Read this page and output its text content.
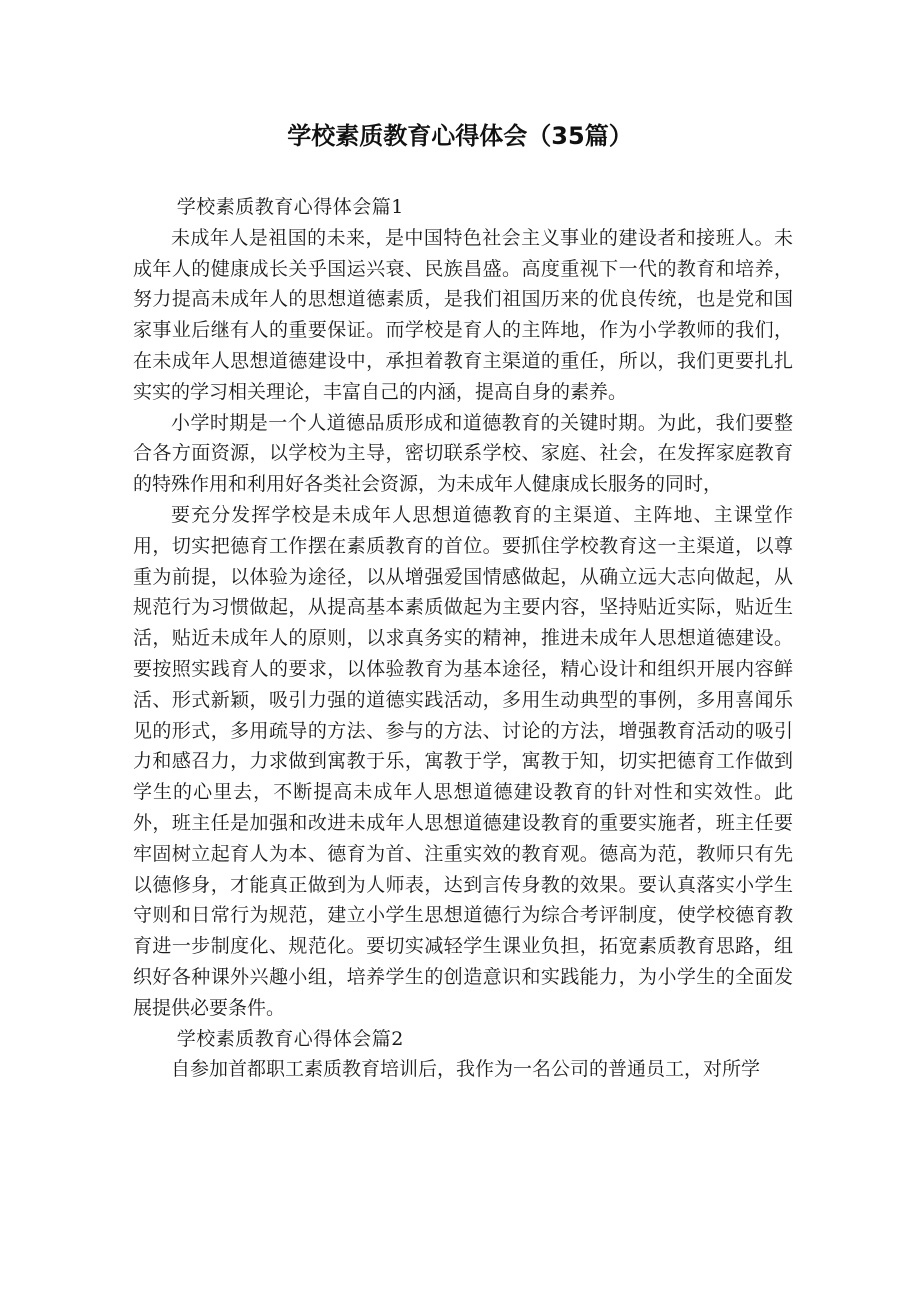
学校素质教育心得体会（35篇）

学校素质教育心得体会篇1

未成年人是祖国的未来，是中国特色社会主义事业的建设者和接班人。未成年人的健康成长关乎国运兴衰、民族昌盛。高度重视下一代的教育和培养，努力提高未成年人的思想道德素质，是我们祖国历来的优良传统，也是党和国家事业后继有人的重要保证。而学校是育人的主阵地，作为小学教师的我们，在未成年人思想道德建设中，承担着教育主渠道的重任，所以，我们更要扎扎实实的学习相关理论，丰富自己的内涵，提高自身的素养。

小学时期是一个人道德品质形成和道德教育的关键时期。为此，我们要整合各方面资源，以学校为主导，密切联系学校、家庭、社会，在发挥家庭教育的特殊作用和利用好各类社会资源，为未成年人健康成长服务的同时，

要充分发挥学校是未成年人思想道德教育的主渠道、主阵地、主课堂作用，切实把德育工作摆在素质教育的首位。要抓住学校教育这一主渠道，以尊重为前提，以体验为途径，以从增强爱国情感做起，从确立远大志向做起，从规范行为习惯做起，从提高基本素质做起为主要内容，坚持贴近实际，贴近生活，贴近未成年人的原则，以求真务实的精神，推进未成年人思想道德建设。要按照实践育人的要求，以体验教育为基本途径，精心设计和组织开展内容鲜活、形式新颖，吸引力强的道德实践活动，多用生动典型的事例，多用喜闻乐见的形式，多用疏导的方法、参与的方法、讨论的方法，增强教育活动的吸引力和感召力，力求做到寓教于乐，寓教于学，寓教于知，切实把德育工作做到学生的心里去，不断提高未成年人思想道德建设教育的针对性和实效性。此外，班主任是加强和改进未成年人思想道德建设教育的重要实施者，班主任要牢固树立起育人为本、德育为首、注重实效的教育观。德高为范，教师只有先以德修身，才能真正做到为人师表，达到言传身教的效果。要认真落实小学生守则和日常行为规范，建立小学生思想道德行为综合考评制度，使学校德育教育进一步制度化、规范化。要切实减轻学生课业负担，拓宽素质教育思路，组织好各种课外兴趣小组，培养学生的创造意识和实践能力，为小学生的全面发展提供必要条件。

学校素质教育心得体会篇2

自参加首都职工素质教育培训后，我作为一名公司的普通员工，对所学
